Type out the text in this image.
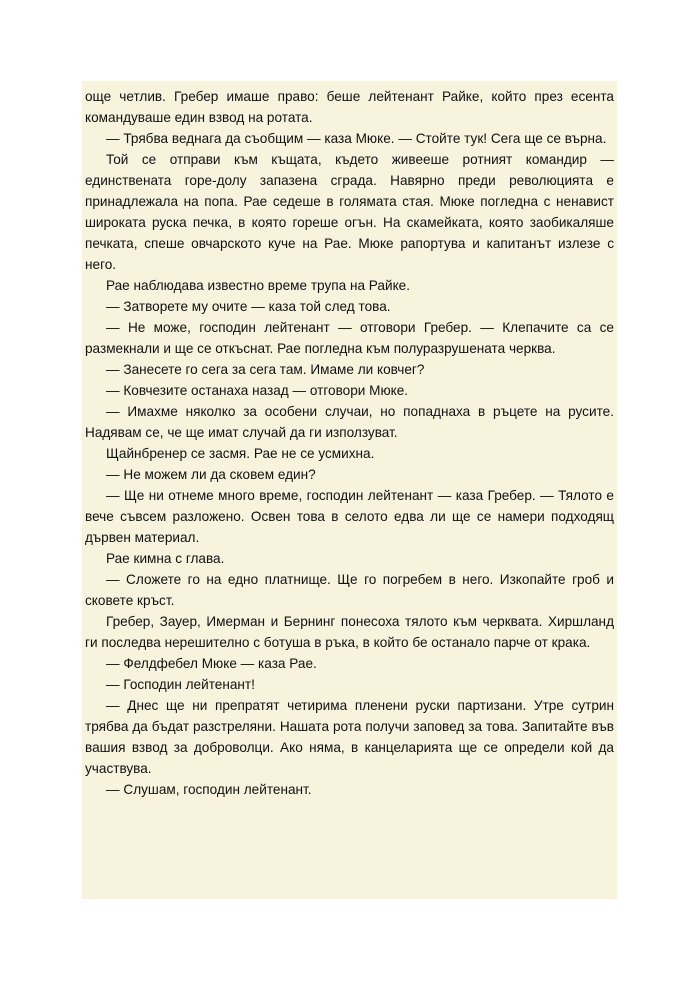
още четлив. Гребер имаше право: беше лейтенант Райке, който през есента командуваше един взвод на ротата.

— Трябва веднага да съобщим — каза Мюке. — Стойте тук! Сега ще се върна.

Той се отправи към къщата, където живееше ротният командир — единствената горе-долу запазена сграда. Навярно преди революцията е принадлежала на попа. Рае седеше в голямата стая. Мюке погледна с ненавист широката руска печка, в която гореше огън. На скамейката, която заобикаляше печката, спеше овчарското куче на Рае. Мюке рапортува и капитанът излезе с него.

Рае наблюдава известно време трупа на Райке.

— Затворете му очите — каза той след това.

— Не може, господин лейтенант — отговори Гребер. — Клепачите са се размекнали и ще се откъснат. Рае погледна към полуразрушената черква.

— Занесете го сега за сега там. Имаме ли ковчег?

— Ковчезите останаха назад — отговори Мюке.

— Имахме няколко за особени случаи, но попаднаха в ръцете на русите. Надявам се, че ще имат случай да ги използуват.

Щайнбренер се засмя. Рае не се усмихна.

— Не можем ли да сковем един?

— Ще ни отнеме много време, господин лейтенант — каза Гребер. — Тялото е вече съвсем разложено. Освен това в селото едва ли ще се намери подходящ дървен материал.

Рае кимна с глава.

— Сложете го на едно платнище. Ще го погребем в него. Изкопайте гроб и сковете кръст.

Гребер, Зауер, Имерман и Бернинг понесоха тялото към черквата. Хиршланд ги последва нерешително с ботуша в ръка, в който бе останало парче от крака.

— Фелдфебел Мюке — каза Рае.

— Господин лейтенант!

— Днес ще ни препратят четирима пленени руски партизани. Утре сутрин трябва да бъдат разстреляни. Нашата рота получи заповед за това. Запитайте във вашия взвод за доброволци. Ако няма, в канцеларията ще се определи кой да участвува.

— Слушам, господин лейтенант.
